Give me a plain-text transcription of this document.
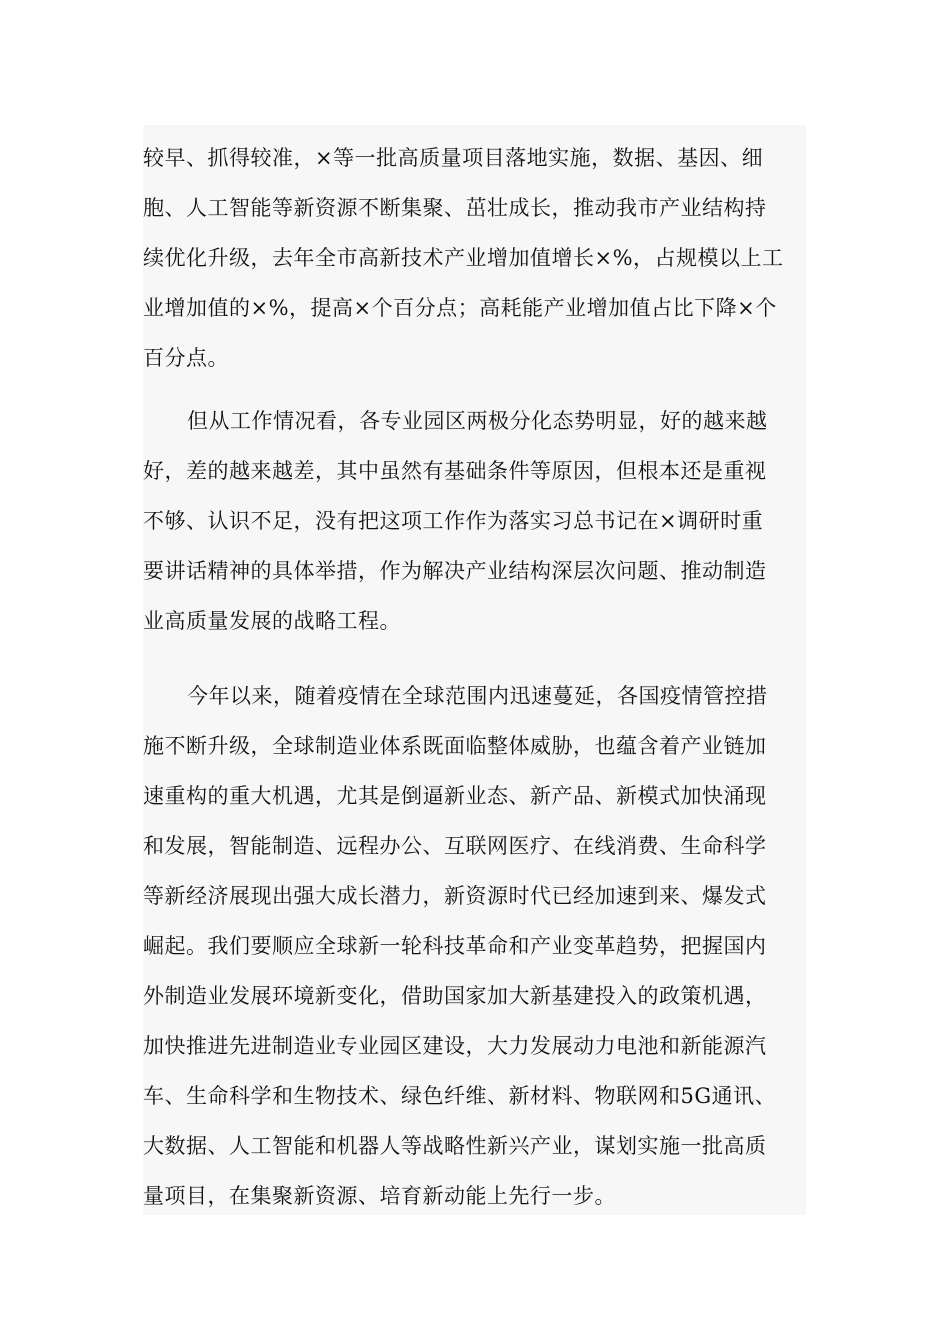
较早、抓得较准，×等一批高质量项目落地实施，数据、基因、细
胞、人工智能等新资源不断集聚、茁壮成长，推动我市产业结构持
续优化升级，去年全市高新技术产业增加值增长×%，占规模以上工
业增加值的×%，提高×个百分点；高耗能产业增加值占比下降×个
百分点。

但从工作情况看，各专业园区两极分化态势明显，好的越来越
好，差的越来越差，其中虽然有基础条件等原因，但根本还是重视
不够、认识不足，没有把这项工作作为落实习总书记在×调研时重
要讲话精神的具体举措，作为解决产业结构深层次问题、推动制造
业高质量发展的战略工程。

今年以来，随着疫情在全球范围内迅速蔓延，各国疫情管控措
施不断升级，全球制造业体系既面临整体威胁，也蕴含着产业链加
速重构的重大机遇，尤其是倒逼新业态、新产品、新模式加快涌现
和发展，智能制造、远程办公、互联网医疗、在线消费、生命科学
等新经济展现出强大成长潜力，新资源时代已经加速到来、爆发式
崛起。我们要顺应全球新一轮科技革命和产业变革趋势，把握国内
外制造业发展环境新变化，借助国家加大新基建投入的政策机遇，
加快推进先进制造业专业园区建设，大力发展动力电池和新能源汽
车、生命科学和生物技术、绿色纤维、新材料、物联网和5G通讯、
大数据、人工智能和机器人等战略性新兴产业，谋划实施一批高质
量项目，在集聚新资源、培育新动能上先行一步。
